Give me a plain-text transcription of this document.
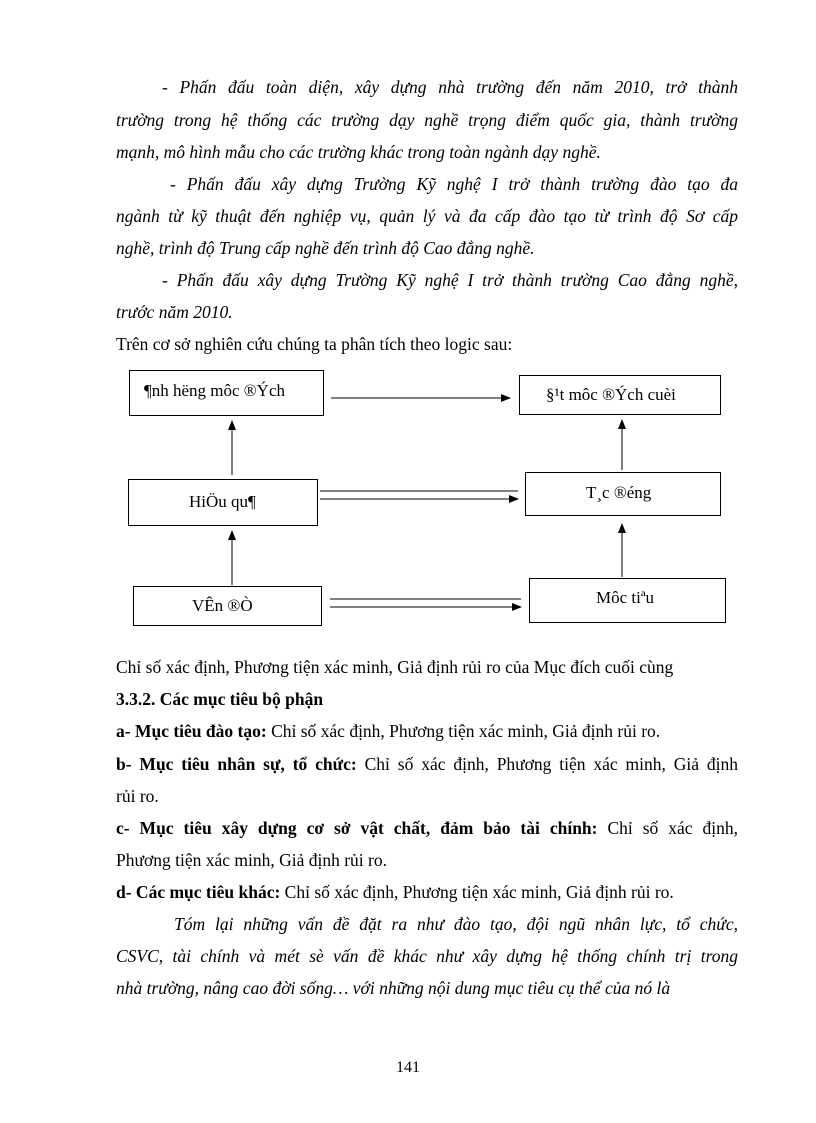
- Phấn đấu toàn diện, xây dựng nhà trường đến năm 2010, trở thành
trường trong hệ thống các trường dạy nghề trọng điểm quốc gia, thành trường
mạnh, mô hình mẫu cho các trường khác trong toàn ngành dạy nghề.
- Phấn đấu xây dựng Trường Kỹ nghệ I trở thành trường đào tạo đa
ngành từ kỹ thuật đến nghiệp vụ, quản lý và đa cấp đào tạo từ trình độ Sơ cấp
nghề, trình độ Trung cấp nghề đến trình độ Cao đẳng nghề.
- Phấn đấu xây dựng Trường Kỹ nghệ I trở thành trường Cao đẳng nghề,
trước năm 2010.
Trên cơ sở nghiên cứu chúng ta phân tích theo logic sau:
¶nh hëng môc ®Ých	§¹t môc ®Ých cuèi
HiÖu qu¶	T¸c ®éng
VÊn ®Ò	Môc tiªu
Chỉ số xác định, Phương tiện xác minh, Giả định rủi ro của Mục đích cuối cùng
3.3.2. Các mục tiêu bộ phận
a- Mục tiêu đào tạo: Chỉ số xác định, Phương tiện xác minh, Giả định rủi ro.
b- Mục tiêu nhân sự, tổ chức: Chỉ số xác định, Phương tiện xác minh, Giả định
rủi ro.
c- Mục tiêu xây dựng cơ sở vật chất, đảm bảo tài chính: Chỉ số xác định,
Phương tiện xác minh, Giả định rủi ro.
d- Các mục tiêu khác: Chỉ số xác định, Phương tiện xác minh, Giả định rủi ro.
Tóm lại những vấn đề đặt ra như đào tạo, đội ngũ nhân lực, tổ chức,
CSVC, tài chính và mét sè vấn đề khác như xây dựng hệ thống chính trị trong
nhà trường, nâng cao đời sống… với những nội dung mục tiêu cụ thể của nó là
141
